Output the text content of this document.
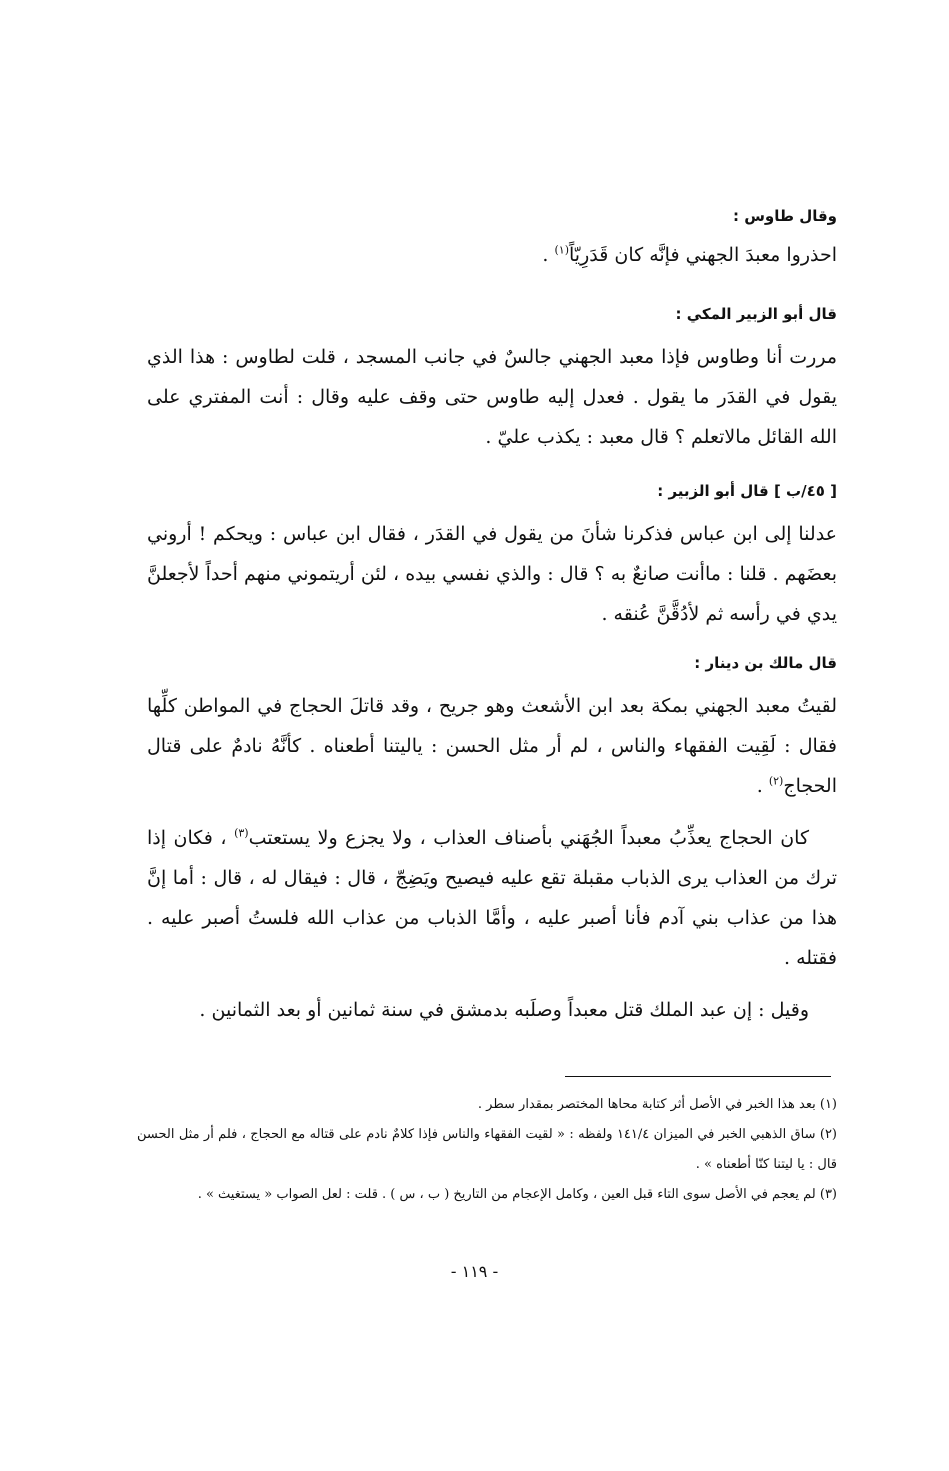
وقال طاوس :

احذروا معبدَ الجهني فإنَّه كان قَدَرِيّاً$^{(١)}$ .

قال أبو الزبير المكي :

مررت أنا وطاوس فإذا معبد الجهني جالسٌ في جانب المسجد ، قلت لطاوس : هذا الذي يقول في القدَر ما يقول . فعدل إليه طاوس حتى وقف عليه وقال : أنت المفتري على الله القائل مالاتعلم ؟ قال معبد : يكذب عليّ .

[ ٤٥/ب ] قال أبو الزبير :

عدلنا إلى ابن عباس فذكرنا شأنَ من يقول في القدَر ، فقال ابن عباس : ويحكم ! أروني بعضَهم . قلنا : ماأنت صانعٌ به ؟ قال : والذي نفسي بيده ، لئن أريتموني منهم أحداً لأجعلنَّ يدي في رأسه ثم لأدُقَّنَّ عُنقه .

قال مالك بن دينار :

لقيتُ معبد الجهني بمكة بعد ابن الأشعث وهو جريح ، وقد قاتلَ الحجاج في المواطن كلِّها فقال : لَقِيت الفقهاء والناس ، لم أر مثل الحسن : ياليتنا أطعناه . كأنَّهُ نادمٌ على قتال الحجاج$^{(٢)}$ .

كان الحجاج يعذِّبُ معبداً الجُهَني بأصناف العذاب ، ولا يجزع ولا يستعتب$^{(٣)}$ ، فكان إذا ترك من العذاب يرى الذباب مقبلة تقع عليه فيصيح ويَضِجّ ، قال : فيقال له ، قال : أما إنَّ هذا من عذاب بني آدم فأنا أصبر عليه ، وأمَّا الذباب من عذاب الله فلستُ أصبر عليه . فقتله .

وقيل : إن عبد الملك قتل معبداً وصلَبه بدمشق في سنة ثمانين أو بعد الثمانين .

(١) بعد هذا الخبر في الأصل أثر كتابة محاها المختصر بمقدار سطر .
(٢) ساق الذهبي الخبر في الميزان ١٤١/٤ ولفظه : « لقيت الفقهاء والناس فإذا كلامٌ نادم على قتاله مع الحجاج ، فلم أر مثل الحسن قال : يا ليتنا كنّا أطعناه » .
(٣) لم يعجم في الأصل سوى التاء قبل العين ، وكامل الإعجام من التاريخ ( ب ، س ) . قلت : لعل الصواب « يستغيث » .
- ١١٩ -
